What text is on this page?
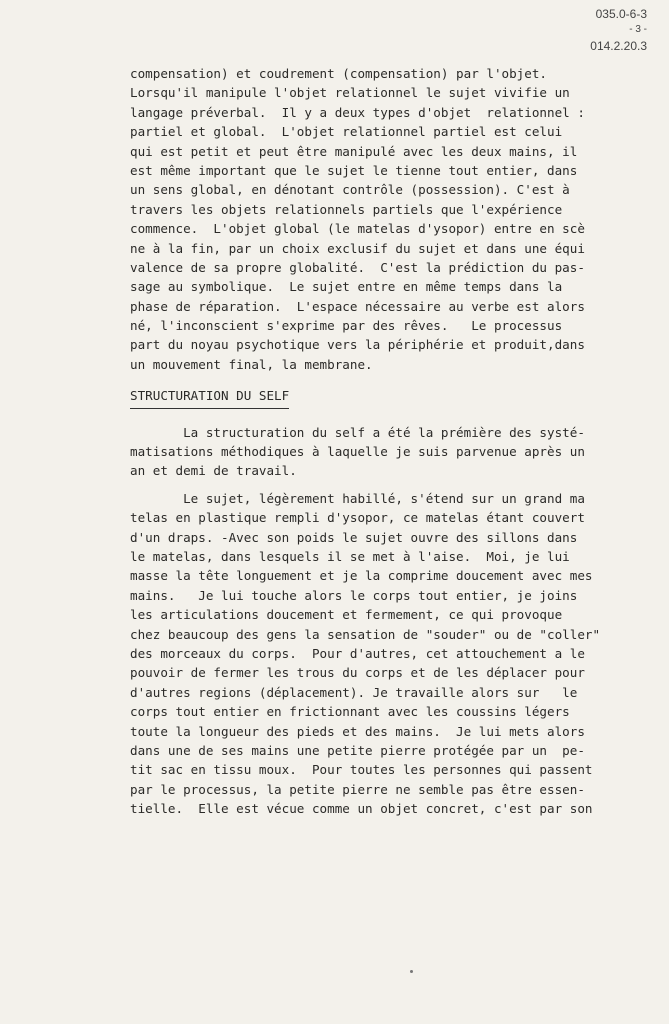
035.0-6-3
- 3 -
014.2.20.3
compensation) et coudrement (compensation) par l'objet.
Lorsqu'il manipule l'objet relationnel le sujet vivifie un
langage préverbal.  Il y a deux types d'objet  relationnel :
partiel et global.  L'objet relationnel partiel est celui
qui est petit et peut être manipulé avec les deux mains, il
est même important que le sujet le tienne tout entier, dans
un sens global, en dénotant contrôle (possession). C'est à
travers les objets relationnels partiels que l'expérience
commence.  L'objet global (le matelas d'ysopor) entre en scè
ne à la fin, par un choix exclusif du sujet et dans une équi
valence de sa propre globalité.  C'est la prédiction du pas-
sage au symbolique.  Le sujet entre en même temps dans la
phase de réparation.  L'espace nécessaire au verbe est alors
né, l'inconscient s'exprime par des rêves.   Le processus
part du noyau psychotique vers la périphérie et produit,dans
un mouvement final, la membrane.
STRUCTURATION DU SELF
La structuration du self a été la prémière des systé-
matisations méthodiques à laquelle je suis parvenue après un
an et demi de travail.
Le sujet, légèrement habillé, s'étend sur un grand ma
telas en plastique rempli d'ysopor, ce matelas étant couvert
d'un draps. -Avec son poids le sujet ouvre des sillons dans
le matelas, dans lesquels il se met à l'aise.  Moi, je lui
masse la tête longuement et je la comprime doucement avec mes
mains.   Je lui touche alors le corps tout entier, je joins
les articulations doucement et fermement, ce qui provoque
chez beaucoup des gens la sensation de "souder" ou de "coller"
des morceaux du corps.  Pour d'autres, cet attouchement a le
pouvoir de fermer les trous du corps et de les déplacer pour
d'autres regions (déplacement). Je travaille alors sur   le
corps tout entier en frictionnant avec les coussins légers
toute la longueur des pieds et des mains.  Je lui mets alors
dans une de ses mains une petite pierre protégée par un  pe-
tit sac en tissu moux.  Pour toutes les personnes qui passent
par le processus, la petite pierre ne semble pas être essen-
tielle.  Elle est vécue comme un objet concret, c'est par son
